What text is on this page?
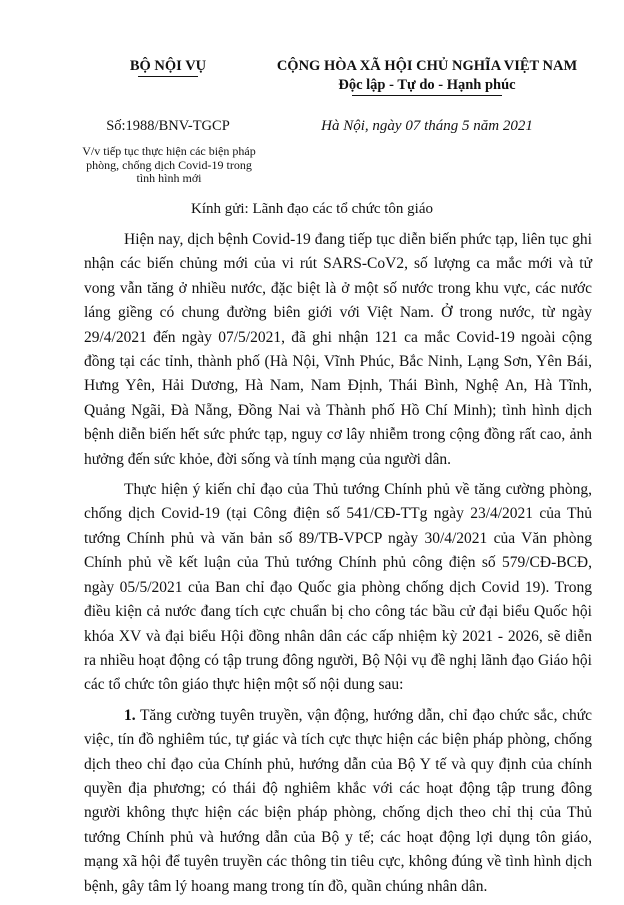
BỘ NỘI VỤ	CỘNG HÒA XÃ HỘI CHỦ NGHĨA VIỆT NAM
Độc lập - Tự do - Hạnh phúc
Số:1988/BNV-TGCP	Hà Nội, ngày 07 tháng 5 năm 2021
V/v tiếp tục thực hiện các biện pháp
phòng, chống dịch Covid-19 trong
tình hình mới
Kính gửi: Lãnh đạo các tổ chức tôn giáo

Hiện nay, dịch bệnh Covid-19 đang tiếp tục diễn biến phức tạp, liên tục ghi nhận các biến chủng mới của vi rút SARS-CoV2, số lượng ca mắc mới và tử vong vẫn tăng ở nhiều nước, đặc biệt là ở một số nước trong khu vực, các nước láng giềng có chung đường biên giới với Việt Nam. Ở trong nước, từ ngày 29/4/2021 đến ngày 07/5/2021, đã ghi nhận 121 ca mắc Covid-19 ngoài cộng đồng tại các tỉnh, thành phố (Hà Nội, Vĩnh Phúc, Bắc Ninh, Lạng Sơn, Yên Bái, Hưng Yên, Hải Dương, Hà Nam, Nam Định, Thái Bình, Nghệ An, Hà Tĩnh, Quảng Ngãi, Đà Nẵng, Đồng Nai và Thành phố Hồ Chí Minh); tình hình dịch bệnh diễn biến hết sức phức tạp, nguy cơ lây nhiễm trong cộng đồng rất cao, ảnh hưởng đến sức khỏe, đời sống và tính mạng của người dân.

Thực hiện ý kiến chỉ đạo của Thủ tướng Chính phủ về tăng cường phòng, chống dịch Covid-19 (tại Công điện số 541/CĐ-TTg ngày 23/4/2021 của Thủ tướng Chính phủ và văn bản số 89/TB-VPCP ngày 30/4/2021 của Văn phòng Chính phủ về kết luận của Thủ tướng Chính phủ công điện số 579/CĐ-BCĐ, ngày 05/5/2021 của Ban chỉ đạo Quốc gia phòng chống dịch Covid 19). Trong điều kiện cả nước đang tích cực chuẩn bị cho công tác bầu cử đại biểu Quốc hội khóa XV và đại biểu Hội đồng nhân dân các cấp nhiệm kỳ 2021 - 2026, sẽ diễn ra nhiều hoạt động có tập trung đông người, Bộ Nội vụ đề nghị lãnh đạo Giáo hội các tổ chức tôn giáo thực hiện một số nội dung sau:

1. Tăng cường tuyên truyền, vận động, hướng dẫn, chỉ đạo chức sắc, chức việc, tín đồ nghiêm túc, tự giác và tích cực thực hiện các biện pháp phòng, chống dịch theo chỉ đạo của Chính phủ, hướng dẫn của Bộ Y tế và quy định của chính quyền địa phương; có thái độ nghiêm khắc với các hoạt động tập trung đông người không thực hiện các biện pháp phòng, chống dịch theo chỉ thị của Thủ tướng Chính phủ và hướng dẫn của Bộ y tế; các hoạt động lợi dụng tôn giáo, mạng xã hội để tuyên truyền các thông tin tiêu cực, không đúng về tình hình dịch bệnh, gây tâm lý hoang mang trong tín đồ, quần chúng nhân dân.
